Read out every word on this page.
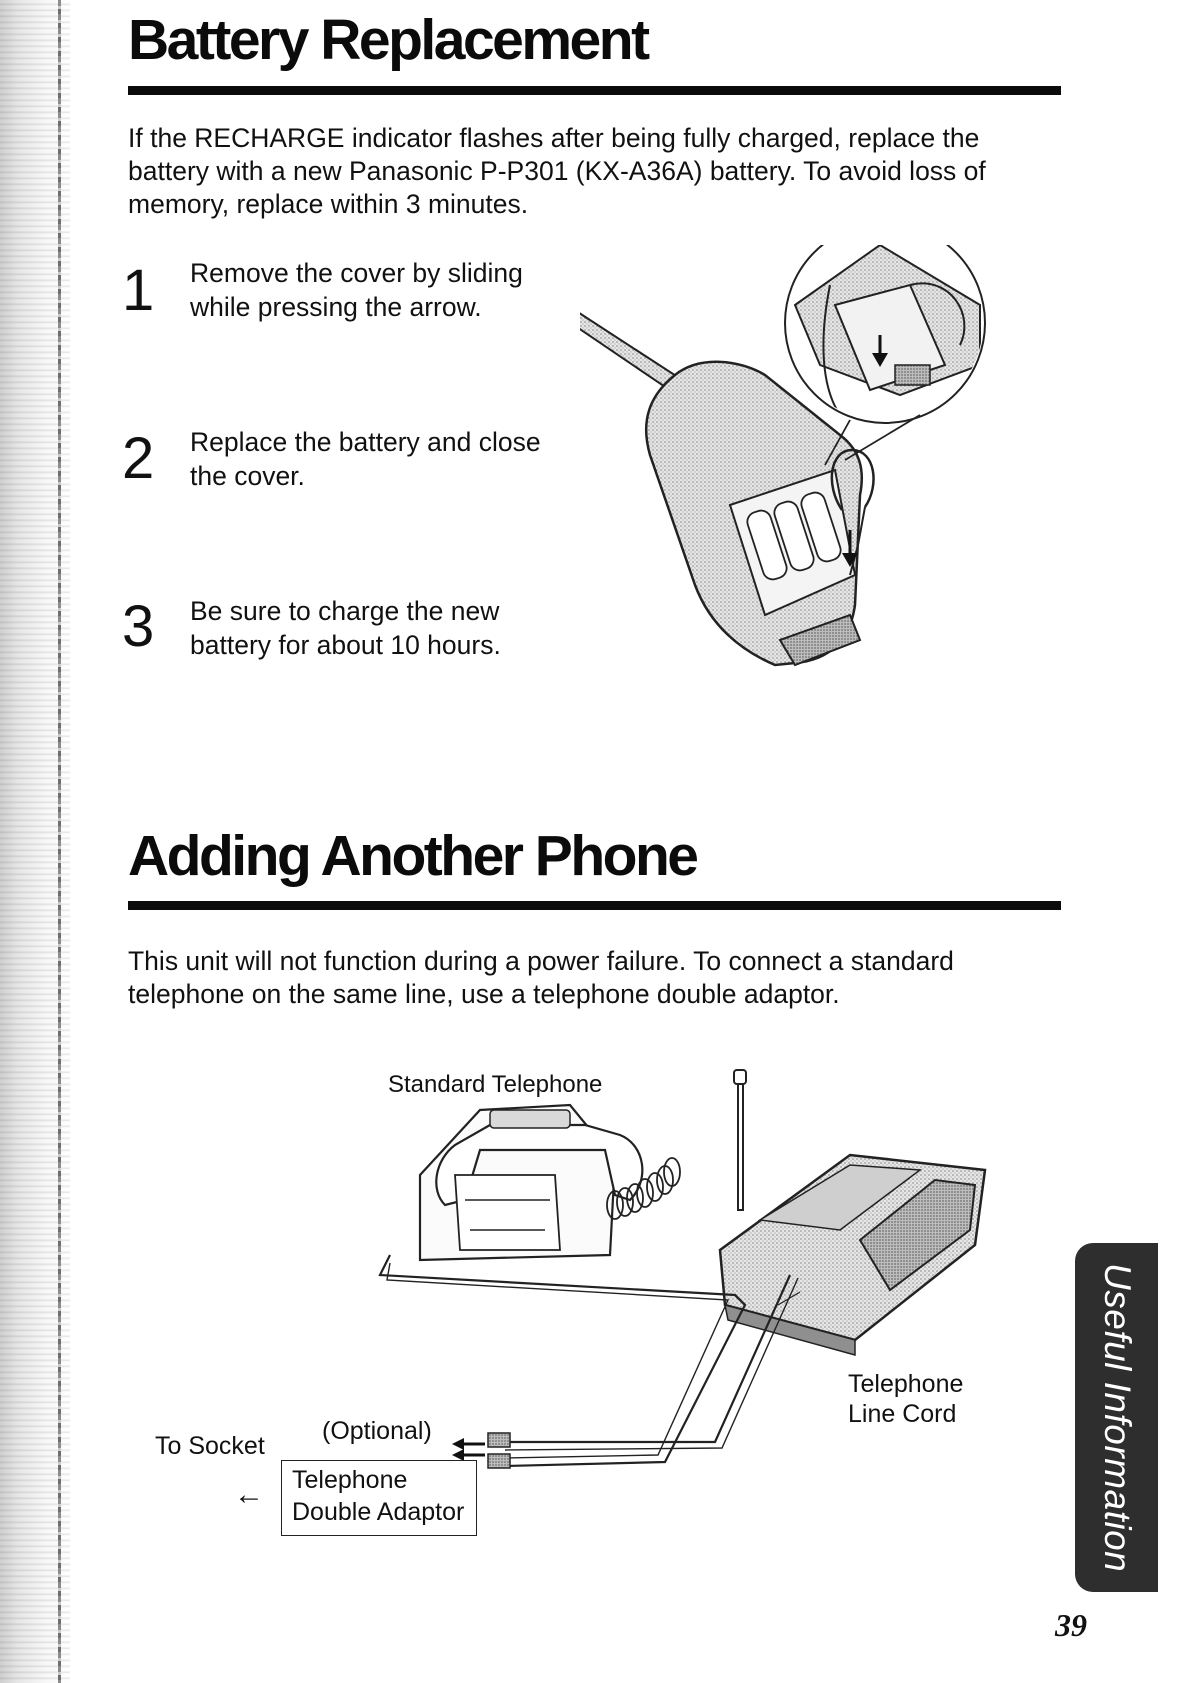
Battery Replacement

If the RECHARGE indicator flashes after being fully charged, replace the
battery with a new Panasonic P-P301 (KX-A36A) battery. To avoid loss of
memory, replace within 3 minutes.

1 Remove the cover by sliding
while pressing the arrow.

2 Replace the battery and close
the cover.

3 Be sure to charge the new
battery for about 10 hours.

Adding Another Phone

This unit will not function during a power failure. To connect a standard
telephone on the same line, use a telephone double adaptor.

Standard Telephone
To Socket
(Optional)
← Telephone
Double Adaptor
Telephone
Line Cord	Useful Information
39
